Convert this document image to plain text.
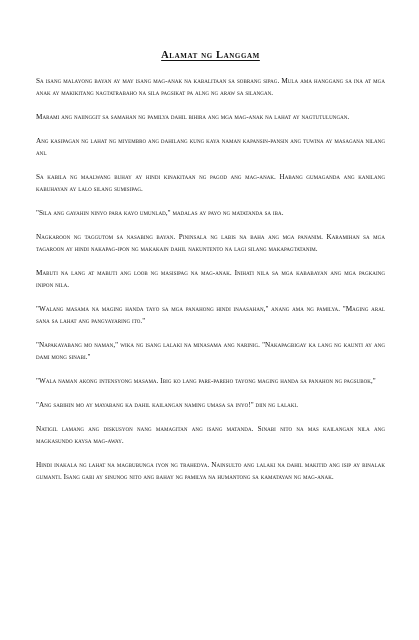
Alamat ng Langgam

Sa isang malayong bayan ay may isang mag-anak na kabalitaan sa sobrang sipag. Mula ama hanggang sa ina at mga anak ay makikitang nagtatrabaho na sila pagsikat pa alng ng araw sa silangan.

Marami ang naiinggit sa samahan ng pamilya dahil bihira ang mga mag-anak na lahat ay nagtutulungan.

Ang kasipagan ng lahat ng miyembro ang dahilang kung kaya naman kapansin-pansin ang tuwina ay masagana nilang ani.

Sa kabila ng maalwang buhay ay hindi kinakitaan ng pagod ang mag-anak. Habang gumaganda ang kanilang kabuhayan ay lalo silang sumisipag.

"Sila ang gayahin ninyo para kayo umunlad," madalas ay payo ng matatanda sa iba.

Nagkaroon ng taggutom sa nasabing bayan. Pininsala ng labis na baha ang mga pananim. Karamihan sa mga tagaroon ay hindi nakapag-ipon ng makakain dahil nakuntento na lagi silang makapagtatanim.

Mabuti na lang at mabuti ang loob ng masisipag na mag-anak. Inihati nila sa mga kababayan ang mga pagkaing inipon nila.

"Walang masama na maging handa tayo sa mga panahong hindi inaasahan," anang ama ng pamilya. "Maging aral sana sa lahat ang pangyayaring ito."

"Napakayabang mo naman," wika ng isang lalaki na minasama ang narinig. "Nakapagbigay ka lang ng kaunti ay ang dami mong sinabi."

"Wala naman akong intensyong masama. Ibig ko lang pare-pareho tayong maging handa sa panahon ng pagsubok,"

"Ang sabihin mo ay mayabang ka dahil kailangan naming umasa sa inyo!" diin ng lalaki.

Natigil lamang ang diskusyon nang mamagitan ang isang matanda. Sinabi nito na mas kailangan nila ang magkasundo kaysa mag-away.

Hindi inakala ng lahat na magbubunga iyon ng trahedya. Nainsulto ang lalaki na dahil makitid ang isip ay binalak gumanti. Isang gabi ay sinunog nito ang bahay ng pamilya na humantong sa kamatayan ng mag-anak.
